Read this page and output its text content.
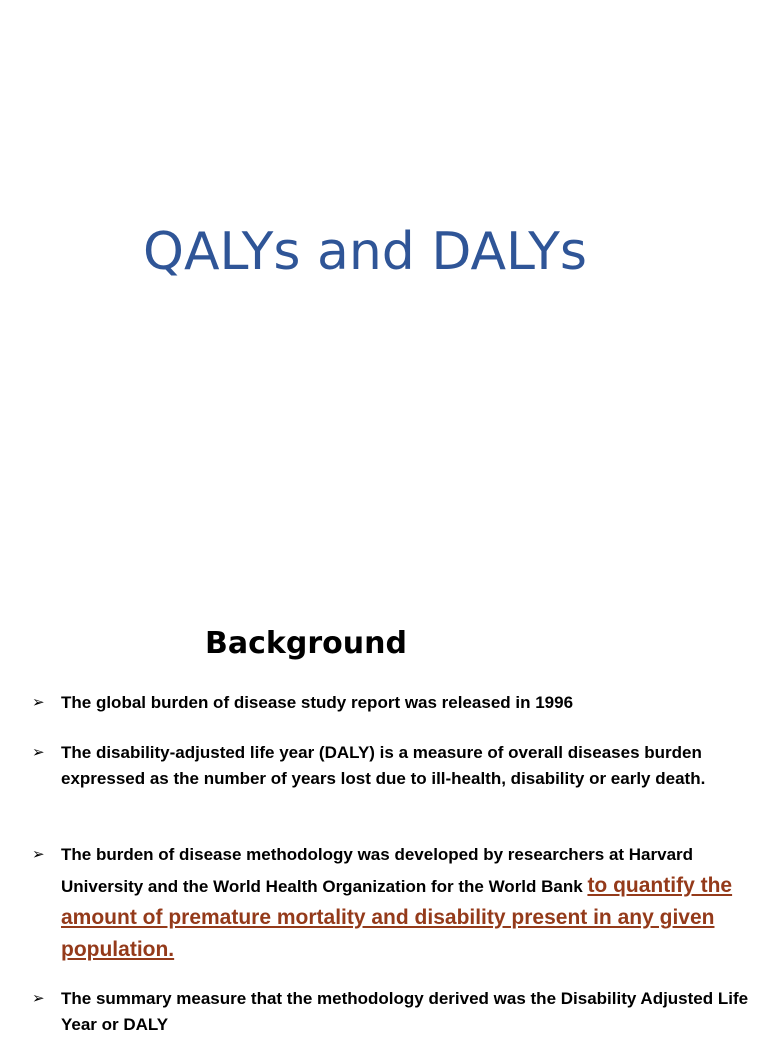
QALYs and DALYs
Background
➢ The global burden of disease study report was released in 1996
➢ The disability-adjusted life year (DALY) is a measure of overall diseases burden expressed as the number of years lost due to ill-health, disability or early death.
➢ The burden of disease methodology was developed by researchers at Harvard University and the World Health Organization for the World Bank to quantify the amount of premature mortality and disability present in any given population.
➢ The summary measure that the methodology derived was the Disability Adjusted Life Year or DALY
